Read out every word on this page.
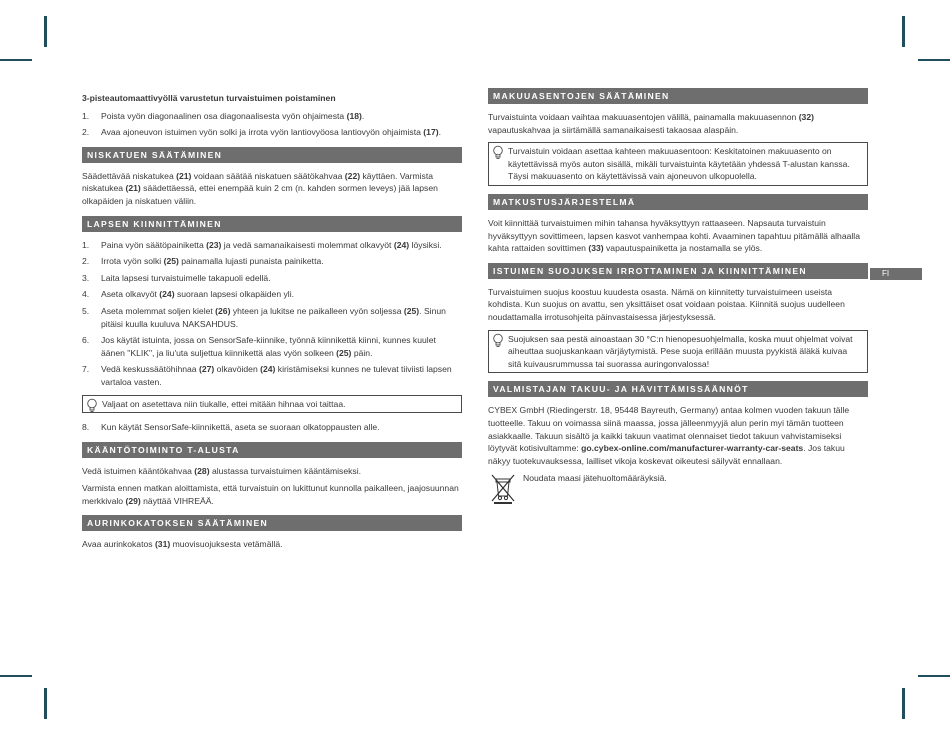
FI

3-pisteautomaattivyöllä varustetun turvaistuimen poistaminen

1. Poista vyön diagonaalinen osa diagonaalisesta vyön ohjaimesta (18).
2. Avaa ajoneuvon istuimen vyön solki ja irrota vyön lantiovyöosa lantiovyön ohjaimista (17).
NISKATUEN SÄÄTÄMINEN

Säädettävää niskatukea (21) voidaan säätää niskatuen säätökahvaa (22) käyttäen. Varmista niskatukea (21) säädettäessä, ettei enempää kuin 2 cm (n. kahden sormen leveys) jää lapsen olkapäiden ja niskatuen väliin.

LAPSEN KIINNITTÄMINEN
1. Paina vyön säätöpainiketta (23) ja vedä samanaikaisesti molemmat olkavyöt (24) löysiksi.
2. Irrota vyön solki (25) painamalla lujasti punaista painiketta.
3. Laita lapsesi turvaistuimelle takapuoli edellä.
4. Aseta olkavyöt (24) suoraan lapsesi olkapäiden yli.
5. Aseta molemmat soljen kielet (26) yhteen ja lukitse ne paikalleen vyön soljessa (25). Sinun pitäisi kuulla kuuluva NAKSAHDUS.
6. Jos käytät istuinta, jossa on SensorSafe-kiinnike, työnnä kiinnikettä kiinni, kunnes kuulet äänen "KLIK", ja liu'uta suljettua kiinnikettä alas vyön solkeen (25) päin.
7. Vedä keskussäätöhihnaa (27) olkavöiden (24) kiristämiseksi kunnes ne tulevat tiiviisti lapsen vartaloa vasten.
Valjaat on asetettava niin tiukalle, ettei mitään hihnaa voi taittaa.
8. Kun käytät SensorSafe-kiinnikettä, aseta se suoraan olkatoppausten alle.
KÄÄNTÖTOIMINTO T-ALUSTA

Vedä istuimen kääntökahvaa (28) alustassa turvaistuimen kääntämiseksi.

Varmista ennen matkan aloittamista, että turvaistuin on lukittunut kunnolla paikalleen, jaajosuunnan merkkivalo (29) näyttää VIHREÄÄ.

AURINKOKATOKSEN SÄÄTÄMINEN

Avaa aurinkokatos (31) muovisuojuksesta vetämällä.

MAKUUASENTOJEN SÄÄTÄMINEN

Turvaistuinta voidaan vaihtaa makuuasentojen välillä, painamalla makuuasennon (32) vapautuskahvaa ja siirtämällä samanaikaisesti takaosaa alaspäin.

Turvaistuin voidaan asettaa kahteen makuuasentoon: Keskitatoinen makuuasento on käytettävissä myös auton sisällä, mikäli turvaistuinta käytetään yhdessä T-alustan kanssa. Täysi makuuasento on käytettävissä vain ajoneuvon ulkopuolella.
MATKUSTUSJÄRJESTELMÄ

Voit kiinnittää turvaistuimen mihin tahansa hyväksyttyyn rattaaseen. Napsauta turvaistuin hyväksyttyyn sovittimeen, lapsen kasvot vanhempaa kohti. Avaaminen tapahtuu pitämällä alhaalla kahta rattaiden sovittimen (33) vapautuspainiketta ja nostamalla se ylös.

ISTUIMEN SUOJUKSEN IRROTTAMINEN JA KIINNITTÄMINEN

Turvaistuimen suojus koostuu kuudesta osasta. Nämä on kiinnitetty turvaistuimeen useista kohdista. Kun suojus on avattu, sen yksittäiset osat voidaan poistaa. Kiinnitä suojus uudelleen noudattamalla irrotusohjeita päinvastaisessa järjestyksessä.

Suojuksen saa pestä ainoastaan 30 °C:n hienopesuohjelmalla, koska muut ohjelmat voivat aiheuttaa suojuskankaan värjäytymistä. Pese suoja erillään muusta pyykistä äläkä kuivaa sitä kuivausrummussa tai suorassa auringonvalossa!
VALMISTAJAN TAKUU- JA HÄVITTÄMISSÄÄNNÖT

CYBEX GmbH (Riedingerstr. 18, 95448 Bayreuth, Germany) antaa kolmen vuoden takuun tälle tuotteelle. Takuu on voimassa siinä maassa, jossa jälleenmyyjä alun perin myi tämän tuotteen asiakkaalle. Takuun sisältö ja kaikki takuun vaatimat olennaiset tiedot takuun vahvistamiseksi löytyvät kotisivultamme: go.cybex-online.com/manufacturer-warranty-car-seats. Jos takuu näkyy tuotekuvauksessa, lailliset vikoja koskevat oikeutesi säilyvät ennallaan.

Noudata maasi jätehuoltomääräyksiä.
